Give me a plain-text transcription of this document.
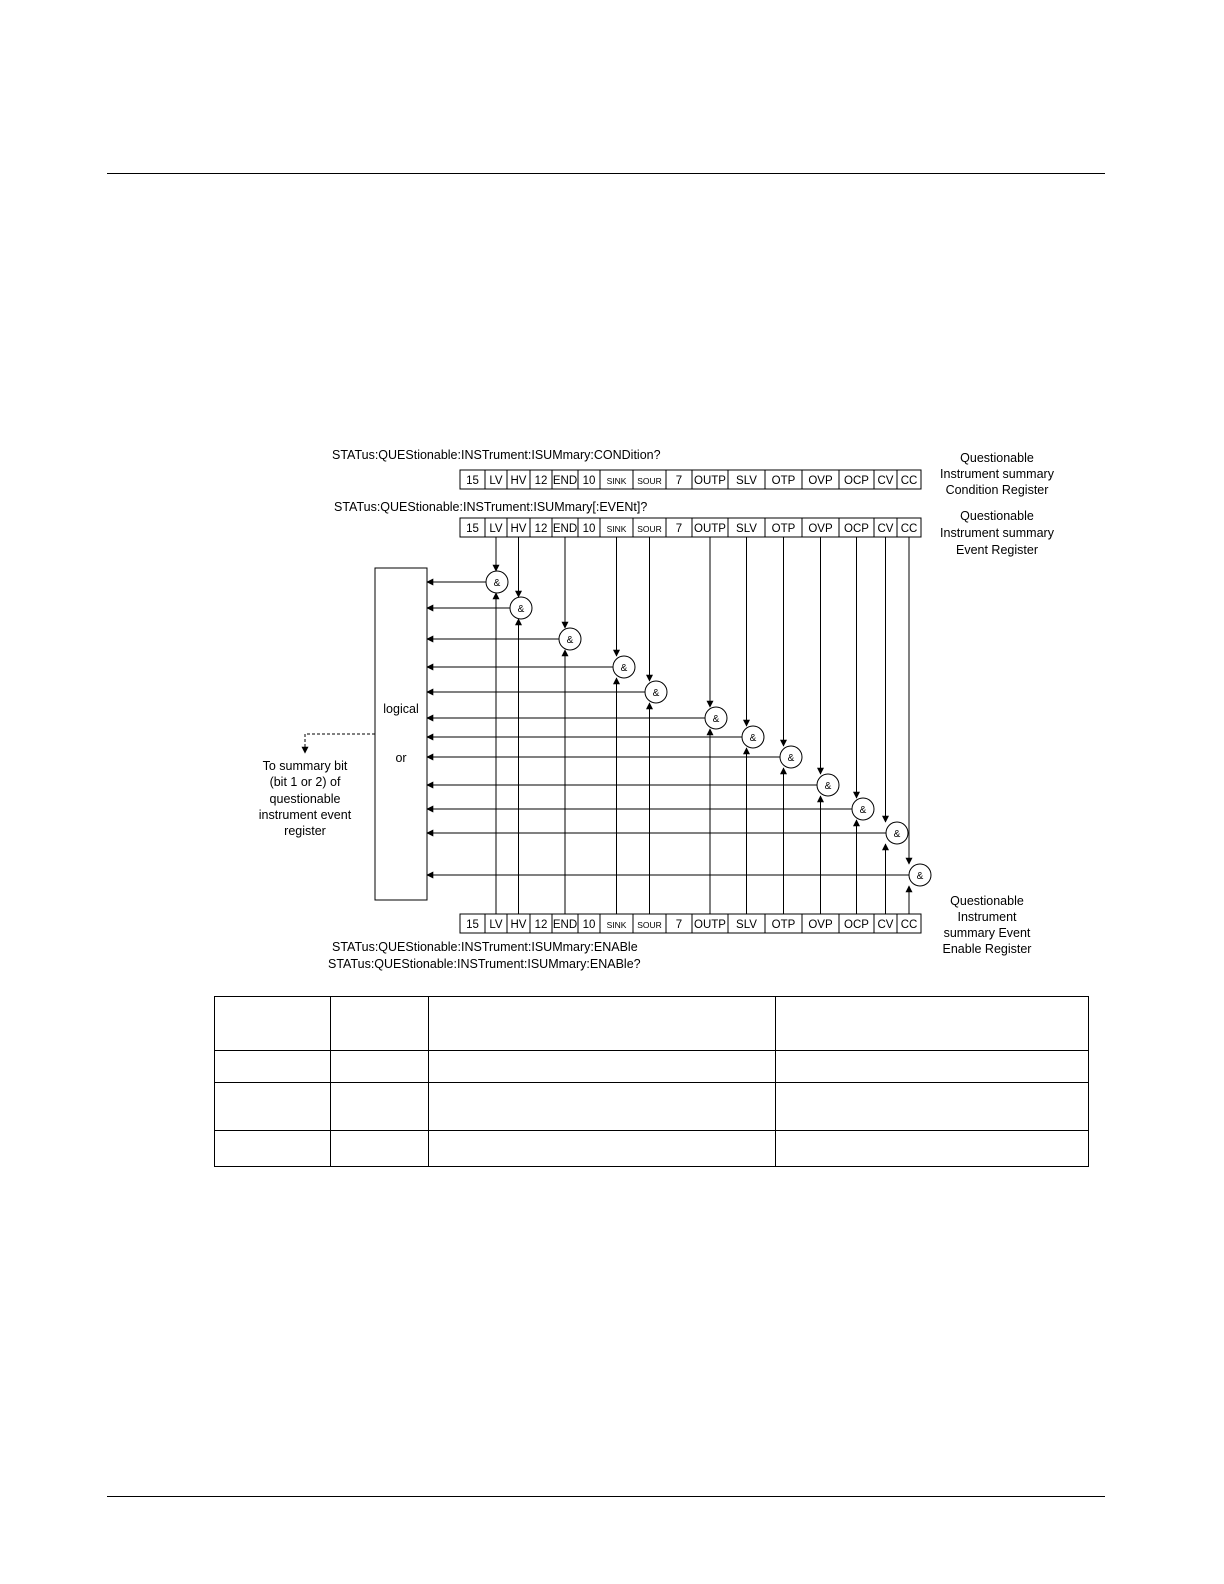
STATus:QUEStionable:INSTrument:ISUMmary:CONDition?
STATus:QUEStionable:INSTrument:ISUMmary[:EVENt]?
STATus:QUEStionable:INSTrument:ISUMmary:ENABle
STATus:QUEStionable:INSTrument:ISUMmary:ENABle?
15 LV HV 12 END 10 SINK SOUR 7 OUTP SLV OTP OVP OCP CV CC
15 LV HV 12 END 10 SINK SOUR 7 OUTP SLV OTP OVP OCP CV CC
15 LV HV 12 END 10 SINK SOUR 7 OUTP SLV OTP OVP OCP CV CC
Questionable
Instrument summary
Condition Register
Questionable
Instrument summary
Event Register
Questionable
Instrument
summary Event
Enable Register
logical
or
To summary bit
(bit 1 or 2) of
questionable
instrument event
register
&
&
&
&
&
&
&
&
&
&
&
&
